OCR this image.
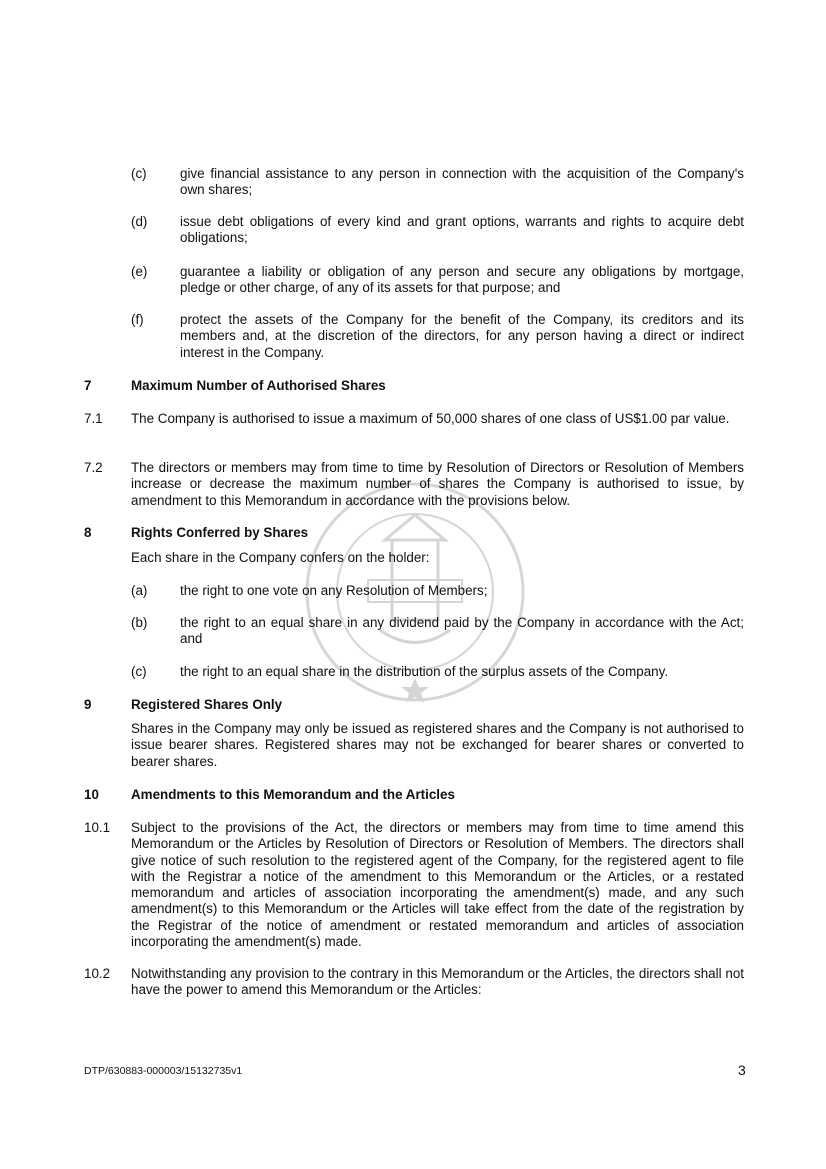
(c) give financial assistance to any person in connection with the acquisition of the Company's own shares;
(d) issue debt obligations of every kind and grant options, warrants and rights to acquire debt obligations;
(e) guarantee a liability or obligation of any person and secure any obligations by mortgage, pledge or other charge, of any of its assets for that purpose; and
(f)	protect the assets of the Company for the benefit of the Company, its creditors and its members and, at the discretion of the directors, for any person having a direct or indirect interest in the Company.
7	Maximum Number of Authorised Shares
7.1 The Company is authorised to issue a maximum of 50,000 shares of one class of US$1.00 par value.
7.2 The directors or members may from time to time by Resolution of Directors or Resolution of Members increase or decrease the maximum number of shares the Company is authorised to issue, by amendment to this Memorandum in accordance with the provisions below.
8	Rights Conferred by Shares
Each share in the Company confers on the holder:
(a) the right to one vote on any Resolution of Members;
(b) the right to an equal share in any dividend paid by the Company in accordance with the Act; and
(c) the right to an equal share in the distribution of the surplus assets of the Company.
9	Registered Shares Only
Shares in the Company may only be issued as registered shares and the Company is not authorised to issue bearer shares. Registered shares may not be exchanged for bearer shares or converted to bearer shares.
10 Amendments to this Memorandum and the Articles
10.1 Subject to the provisions of the Act, the directors or members may from time to time amend this Memorandum or the Articles by Resolution of Directors or Resolution of Members. The directors shall give notice of such resolution to the registered agent of the Company, for the registered agent to file with the Registrar a notice of the amendment to this Memorandum or the Articles, or a restated memorandum and articles of association incorporating the amendment(s) made, and any such amendment(s) to this Memorandum or the Articles will take effect from the date of the registration by the Registrar of the notice of amendment or restated memorandum and articles of association incorporating the amendment(s) made.
10.2 Notwithstanding any provision to the contrary in this Memorandum or the Articles, the directors shall not have the power to amend this Memorandum or the Articles:
DTP/630883-000003/15132735v1	3
